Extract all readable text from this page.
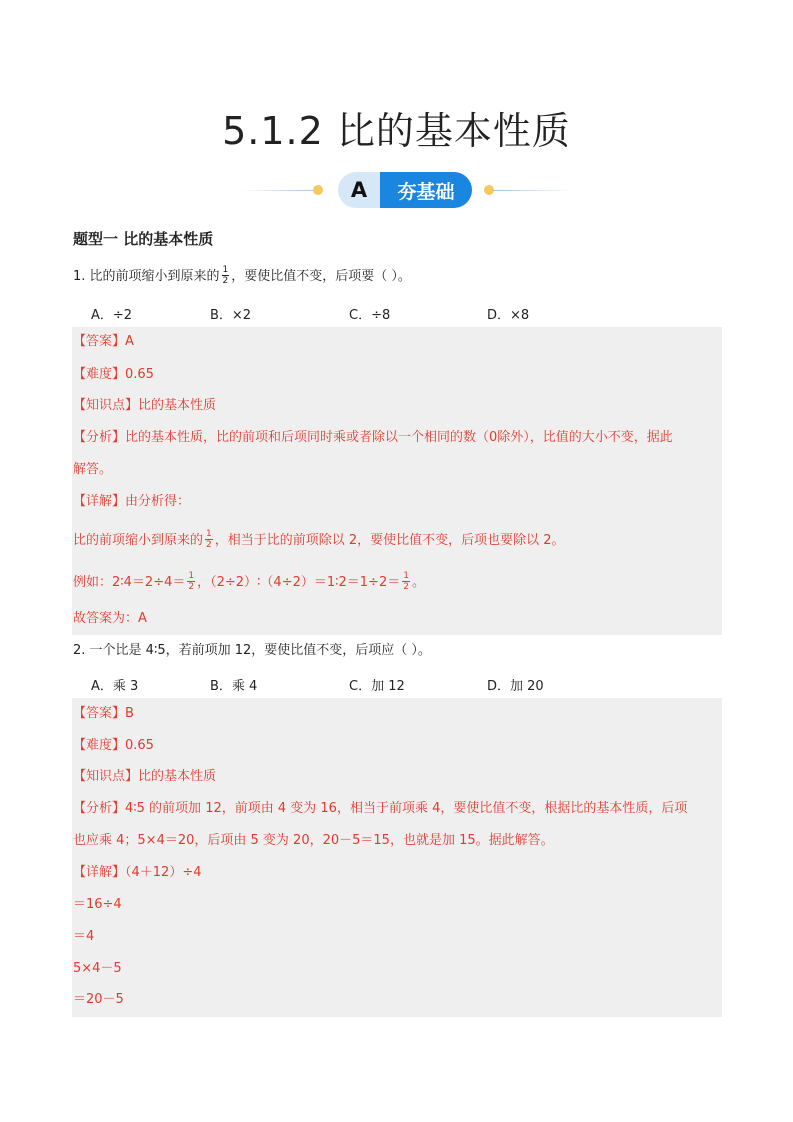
5.1.2 比的基本性质
A	夯基础
题型一 比的基本性质
1. 比的前项缩小到原来的 $\frac{1}{2}$ ，要使比值不变，后项要（ ）。
A．÷2	B．×2	C．÷8	D．×8
【答案】A
【难度】0.65
【知识点】比的基本性质
【分析】比的基本性质，比的前项和后项同时乘或者除以一个相同的数（0除外），比值的大小不变，据此
解答。
【详解】由分析得：
比的前项缩小到原来的 $\frac{1}{2}$ ，相当于比的前项除以 2，要使比值不变，后项也要除以 2。
例如：2∶4＝2÷4＝ $\frac{1}{2}$ ，（2÷2）∶（4÷2）＝1∶2＝1÷2＝ $\frac{1}{2}$ 。
故答案为：A
2. 一个比是 4∶5，若前项加 12，要使比值不变，后项应（ ）。
A．乘 3	B．乘 4	C．加 12	D．加 20
【答案】B
【难度】0.65
【知识点】比的基本性质
【分析】4∶5 的前项加 12，前项由 4 变为 16，相当于前项乘 4，要使比值不变，根据比的基本性质，后项
也应乘 4；5×4＝20，后项由 5 变为 20，20－5＝15，也就是加 15。据此解答。
【详解】（4＋12）÷4
＝16÷4
＝4
5×4－5
＝20－5
